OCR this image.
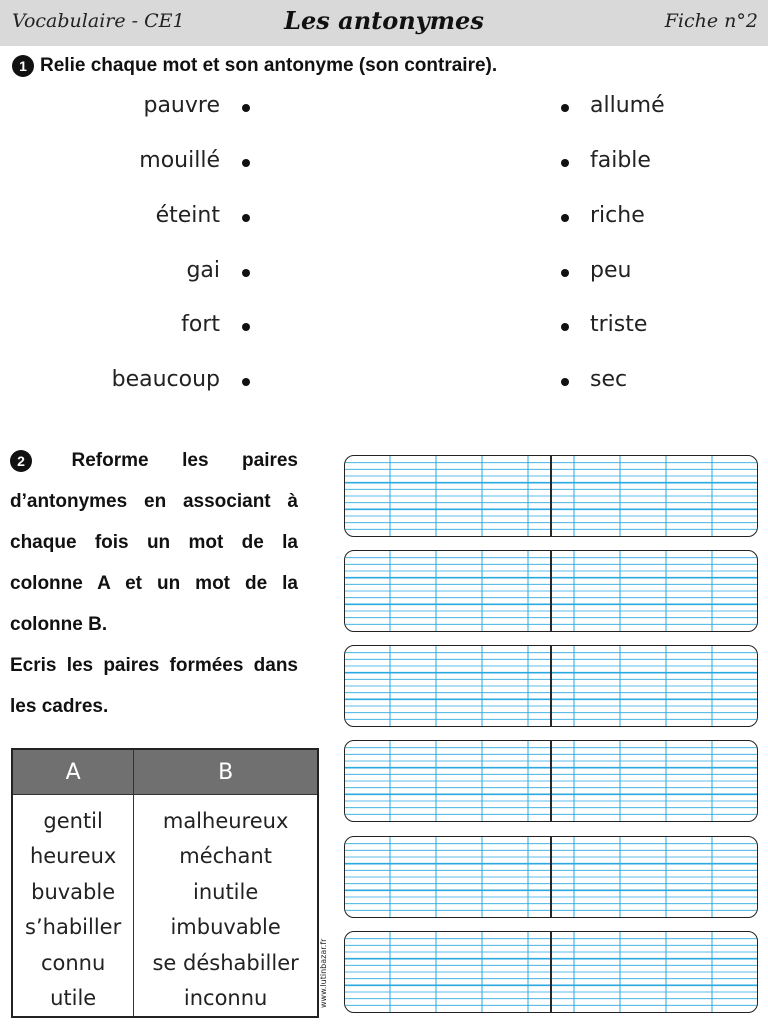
Vocabulaire - CE1	Les antonymes	Fiche n°2
1 Relie chaque mot et son antonyme (son contraire).
pauvre
mouillé
éteint
gai
fort
beaucoup
allumé
faible
riche
peu
triste
sec

2 Reforme les paires d’antonymes en associant à chaque fois un mot de la colonne A et un mot de la colonne B.

Ecris les paires formées dans les cadres.

A	B
gentil	malheureux
heureux	méchant
buvable	inutile
s’habiller	imbuvable
connu	se déshabiller
utile	inconnu	www.lutinbazar.fr
